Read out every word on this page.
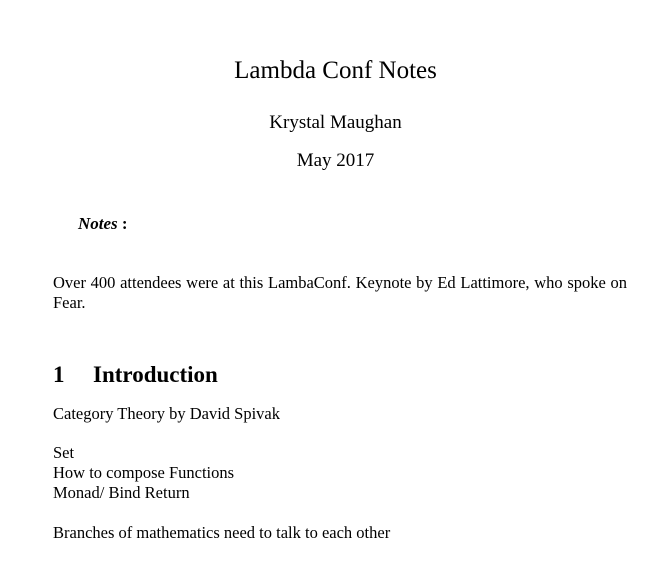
Lambda Conf Notes
Krystal Maughan
May 2017
Notes :
Over 400 attendees were at this LambaConf. Keynote by Ed Lattimore, who spoke on Fear.
1 Introduction
Category Theory by David Spivak
Set
How to compose Functions
Monad/ Bind Return
Branches of mathematics need to talk to each other
